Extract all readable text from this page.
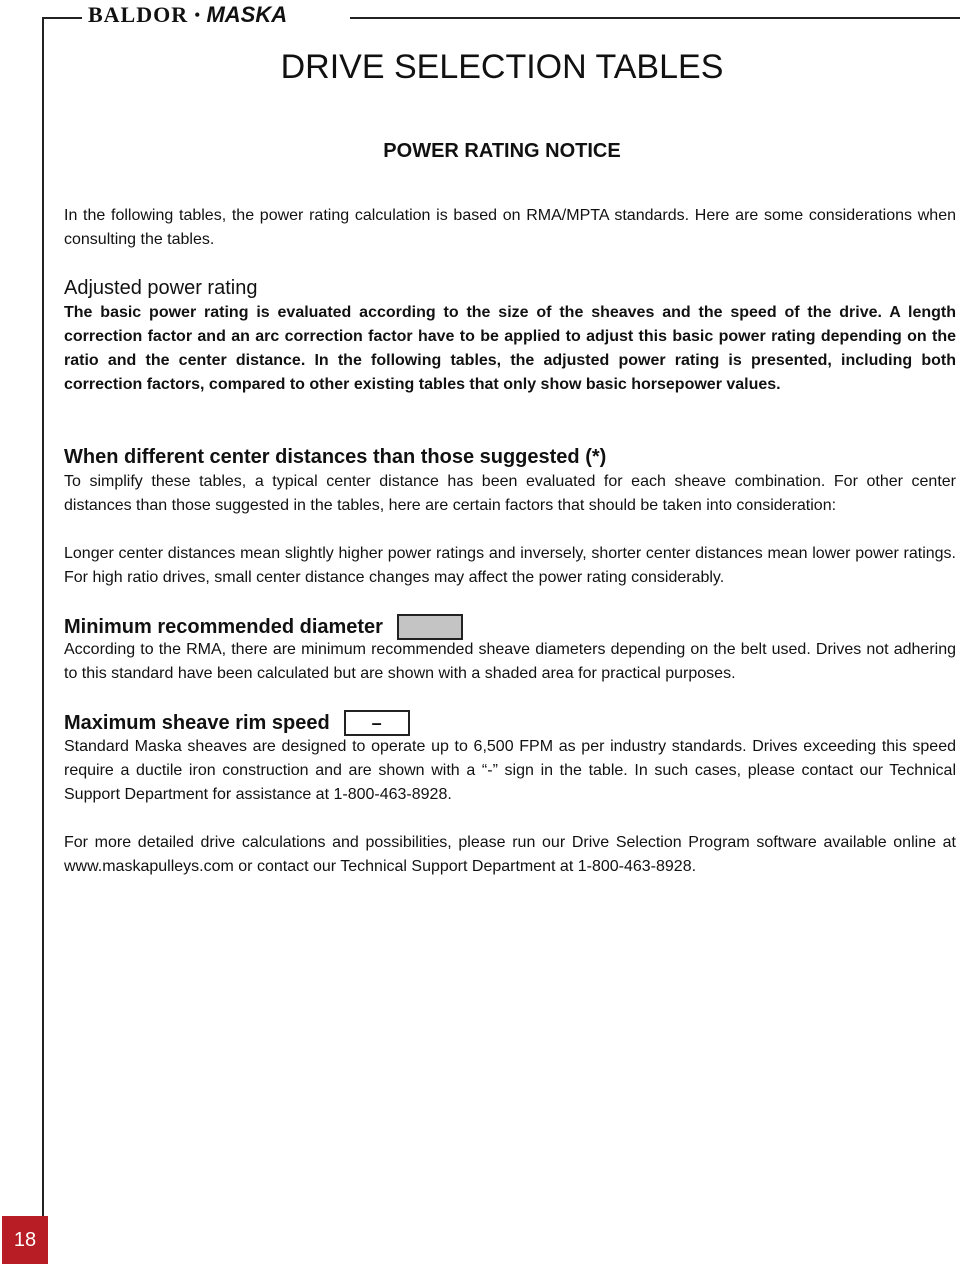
BALDOR • MASKA
DRIVE SELECTION TABLES
POWER RATING NOTICE

In the following tables, the power rating calculation is based on RMA/MPTA standards. Here are some considerations when consulting the tables.

Adjusted power rating

The basic power rating is evaluated according to the size of the sheaves and the speed of the drive. A length correction factor and an arc correction factor have to be applied to adjust this basic power rating depending on the ratio and the center distance. In the following tables, the adjusted power rating is presented, including both correction factors, compared to other existing tables that only show basic horsepower values.

When different center distances than those suggested (*)

To simplify these tables, a typical center distance has been evaluated for each sheave combination. For other center distances than those suggested in the tables, here are certain factors that should be taken into consideration:

Longer center distances mean slightly higher power ratings and inversely, shorter center distances mean lower power ratings. For high ratio drives, small center distance changes may affect the power rating considerably.

Minimum recommended diameter

According to the RMA, there are minimum recommended sheave diameters depending on the belt used. Drives not adhering to this standard have been calculated but are shown with a shaded area for practical purposes.

Maximum sheave rim speed	–

Standard Maska sheaves are designed to operate up to 6,500 FPM as per industry standards. Drives exceeding this speed require a ductile iron construction and are shown with a “-” sign in the table. In such cases, please contact our Technical Support Department for assistance at 1-800-463-8928.

For more detailed drive calculations and possibilities, please run our Drive Selection Program software available online at www.maskapulleys.com or contact our Technical Support Department at 1-800-463-8928.

18
